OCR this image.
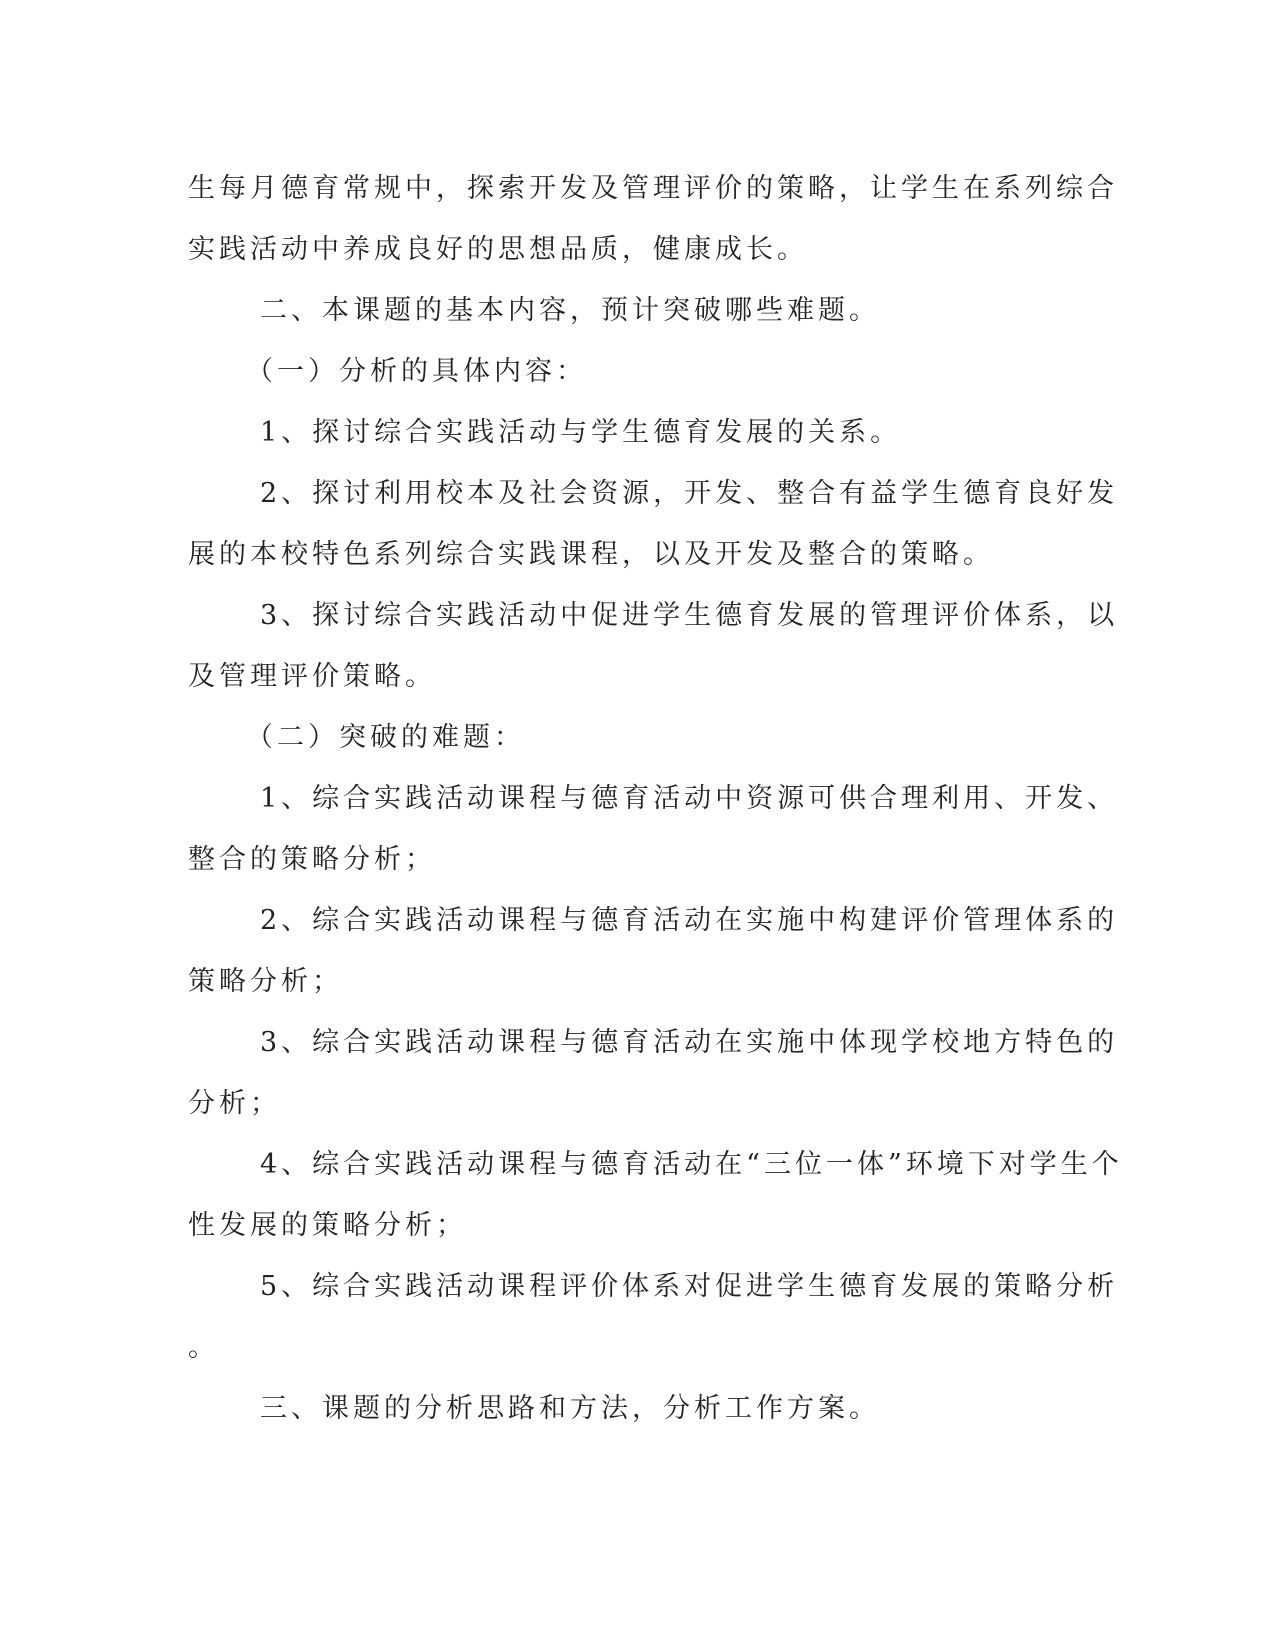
生每月德育常规中，探索开发及管理评价的策略，让学生在系列综合
实践活动中养成良好的思想品质，健康成长。
二、本课题的基本内容，预计突破哪些难题。
（一）分析的具体内容：
1、探讨综合实践活动与学生德育发展的关系。
2、探讨利用校本及社会资源，开发、整合有益学生德育良好发
展的本校特色系列综合实践课程，以及开发及整合的策略。
3、探讨综合实践活动中促进学生德育发展的管理评价体系，以
及管理评价策略。
（二）突破的难题：
1、综合实践活动课程与德育活动中资源可供合理利用、开发、
整合的策略分析；
2、综合实践活动课程与德育活动在实施中构建评价管理体系的
策略分析；
3、综合实践活动课程与德育活动在实施中体现学校地方特色的
分析；
4、综合实践活动课程与德育活动在“三位一体”环境下对学生个
性发展的策略分析；
5、综合实践活动课程评价体系对促进学生德育发展的策略分析
。
三、课题的分析思路和方法，分析工作方案。
